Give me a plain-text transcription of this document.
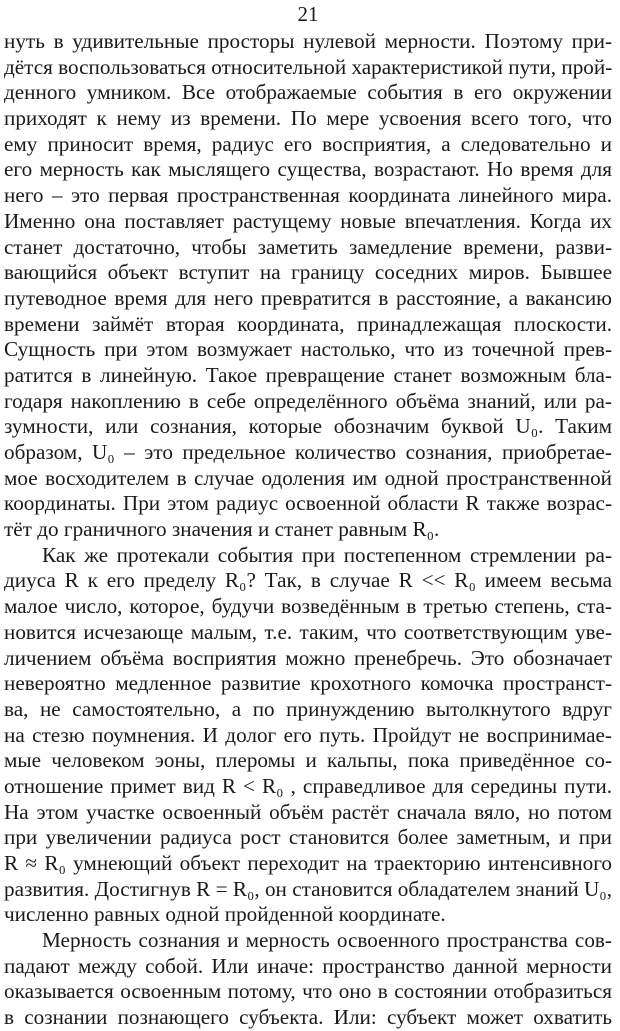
21
нуть в удивительные просторы нулевой мерности. Поэтому при-
дётся воспользоваться относительной характеристикой пути, прой-
денного умником. Все отображаемые события в его окружении
приходят к нему из времени. По мере усвоения всего того, что
ему приносит время, радиус его восприятия, а следовательно и
его мерность как мыслящего существа, возрастают. Но время для
него – это первая пространственная координата линейного мира.
Именно она поставляет растущему новые впечатления. Когда их
станет достаточно, чтобы заметить замедление времени, разви-
вающийся объект вступит на границу соседних миров. Бывшее
путеводное время для него превратится в расстояние, а вакансию
времени займёт вторая координата, принадлежащая плоскости.
Сущность при этом возмужает настолько, что из точечной прев-
ратится в линейную. Такое превращение станет возможным бла-
годаря накоплению в себе определённого объёма знаний, или ра-
зумности, или сознания, которые обозначим буквой U₀. Таким
образом, U₀ – это предельное количество сознания, приобретае-
мое восходителем в случае одоления им одной пространственной
координаты. При этом радиус освоенной области R также возрас-
тёт до граничного значения и станет равным R₀.
Как же протекали события при постепенном стремлении ра-
диуса R к его пределу R₀? Так, в случае R << R₀ имеем весьма
малое число, которое, будучи возведённым в третью степень, ста-
новится исчезающе малым, т.е. таким, что соответствующим уве-
личением объёма восприятия можно пренебречь. Это обозначает
невероятно медленное развитие крохотного комочка пространст-
ва, не самостоятельно, а по принуждению вытолкнутого вдруг
на стезю поумнения. И долог его путь. Пройдут не воспринимае-
мые человеком эоны, плеромы и кальпы, пока приведённое со-
отношение примет вид R < R₀ , справедливое для середины пути.
На этом участке освоенный объём растёт сначала вяло, но потом
при увеличении радиуса рост становится более заметным, и при
R ≈ R₀ умнеющий объект переходит на траекторию интенсивного
развития. Достигнув R = R₀, он становится обладателем знаний U₀,
численно равных одной пройденной координате.
Мерность сознания и мерность освоенного пространства сов-
падают между собой. Или иначе: пространство данной мерности
оказывается освоенным потому, что оно в состоянии отобразиться
в сознании познающего субъекта. Или: субъект может охватить
